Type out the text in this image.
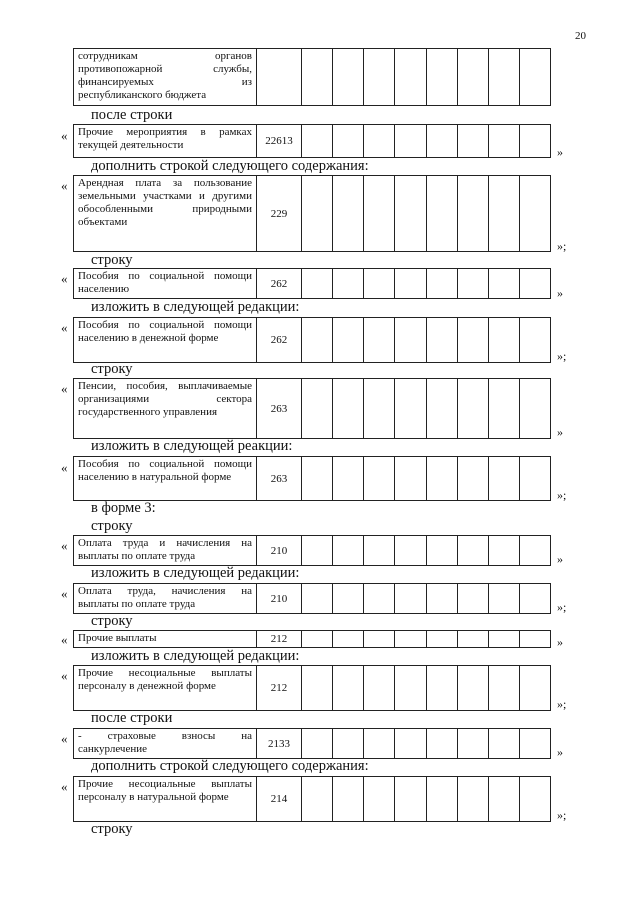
20
сотрудникам органов противопожарной службы, финансируемых из республиканского бюджета
после строки
« Прочие мероприятия в рамках текущей деятельности	22613
»
дополнить строкой следующего содержания:
« Арендная плата за пользование земельными участками и другими обособленными природными объектами
229
»;
строку
« Пособия по социальной помощи населению	262
»
изложить в следующей редакции:
« Пособия по социальной помощи населению в денежной форме	262
»;
строку
« Пенсии, пособия, выплачиваемые организациями сектора государственного управления	263
»
изложить в следующей реакции:
« Пособия по социальной помощи населению в натуральной форме	263
»;
в форме 3:
строку
« Оплата труда и начисления на выплаты по оплате труда	210
»
изложить в следующей редакции:
« Оплата труда, начисления на выплаты по оплате труда	210
»;
строку
« Прочие выплаты	212	»
изложить в следующей редакции:
« Прочие несоциальные выплаты персоналу в денежной форме	212
»;
после строки
« - страховые взносы на санкурлечение	2133
»
дополнить строкой следующего содержания:
« Прочие несоциальные выплаты персоналу в натуральной форме	214
»;
строку
